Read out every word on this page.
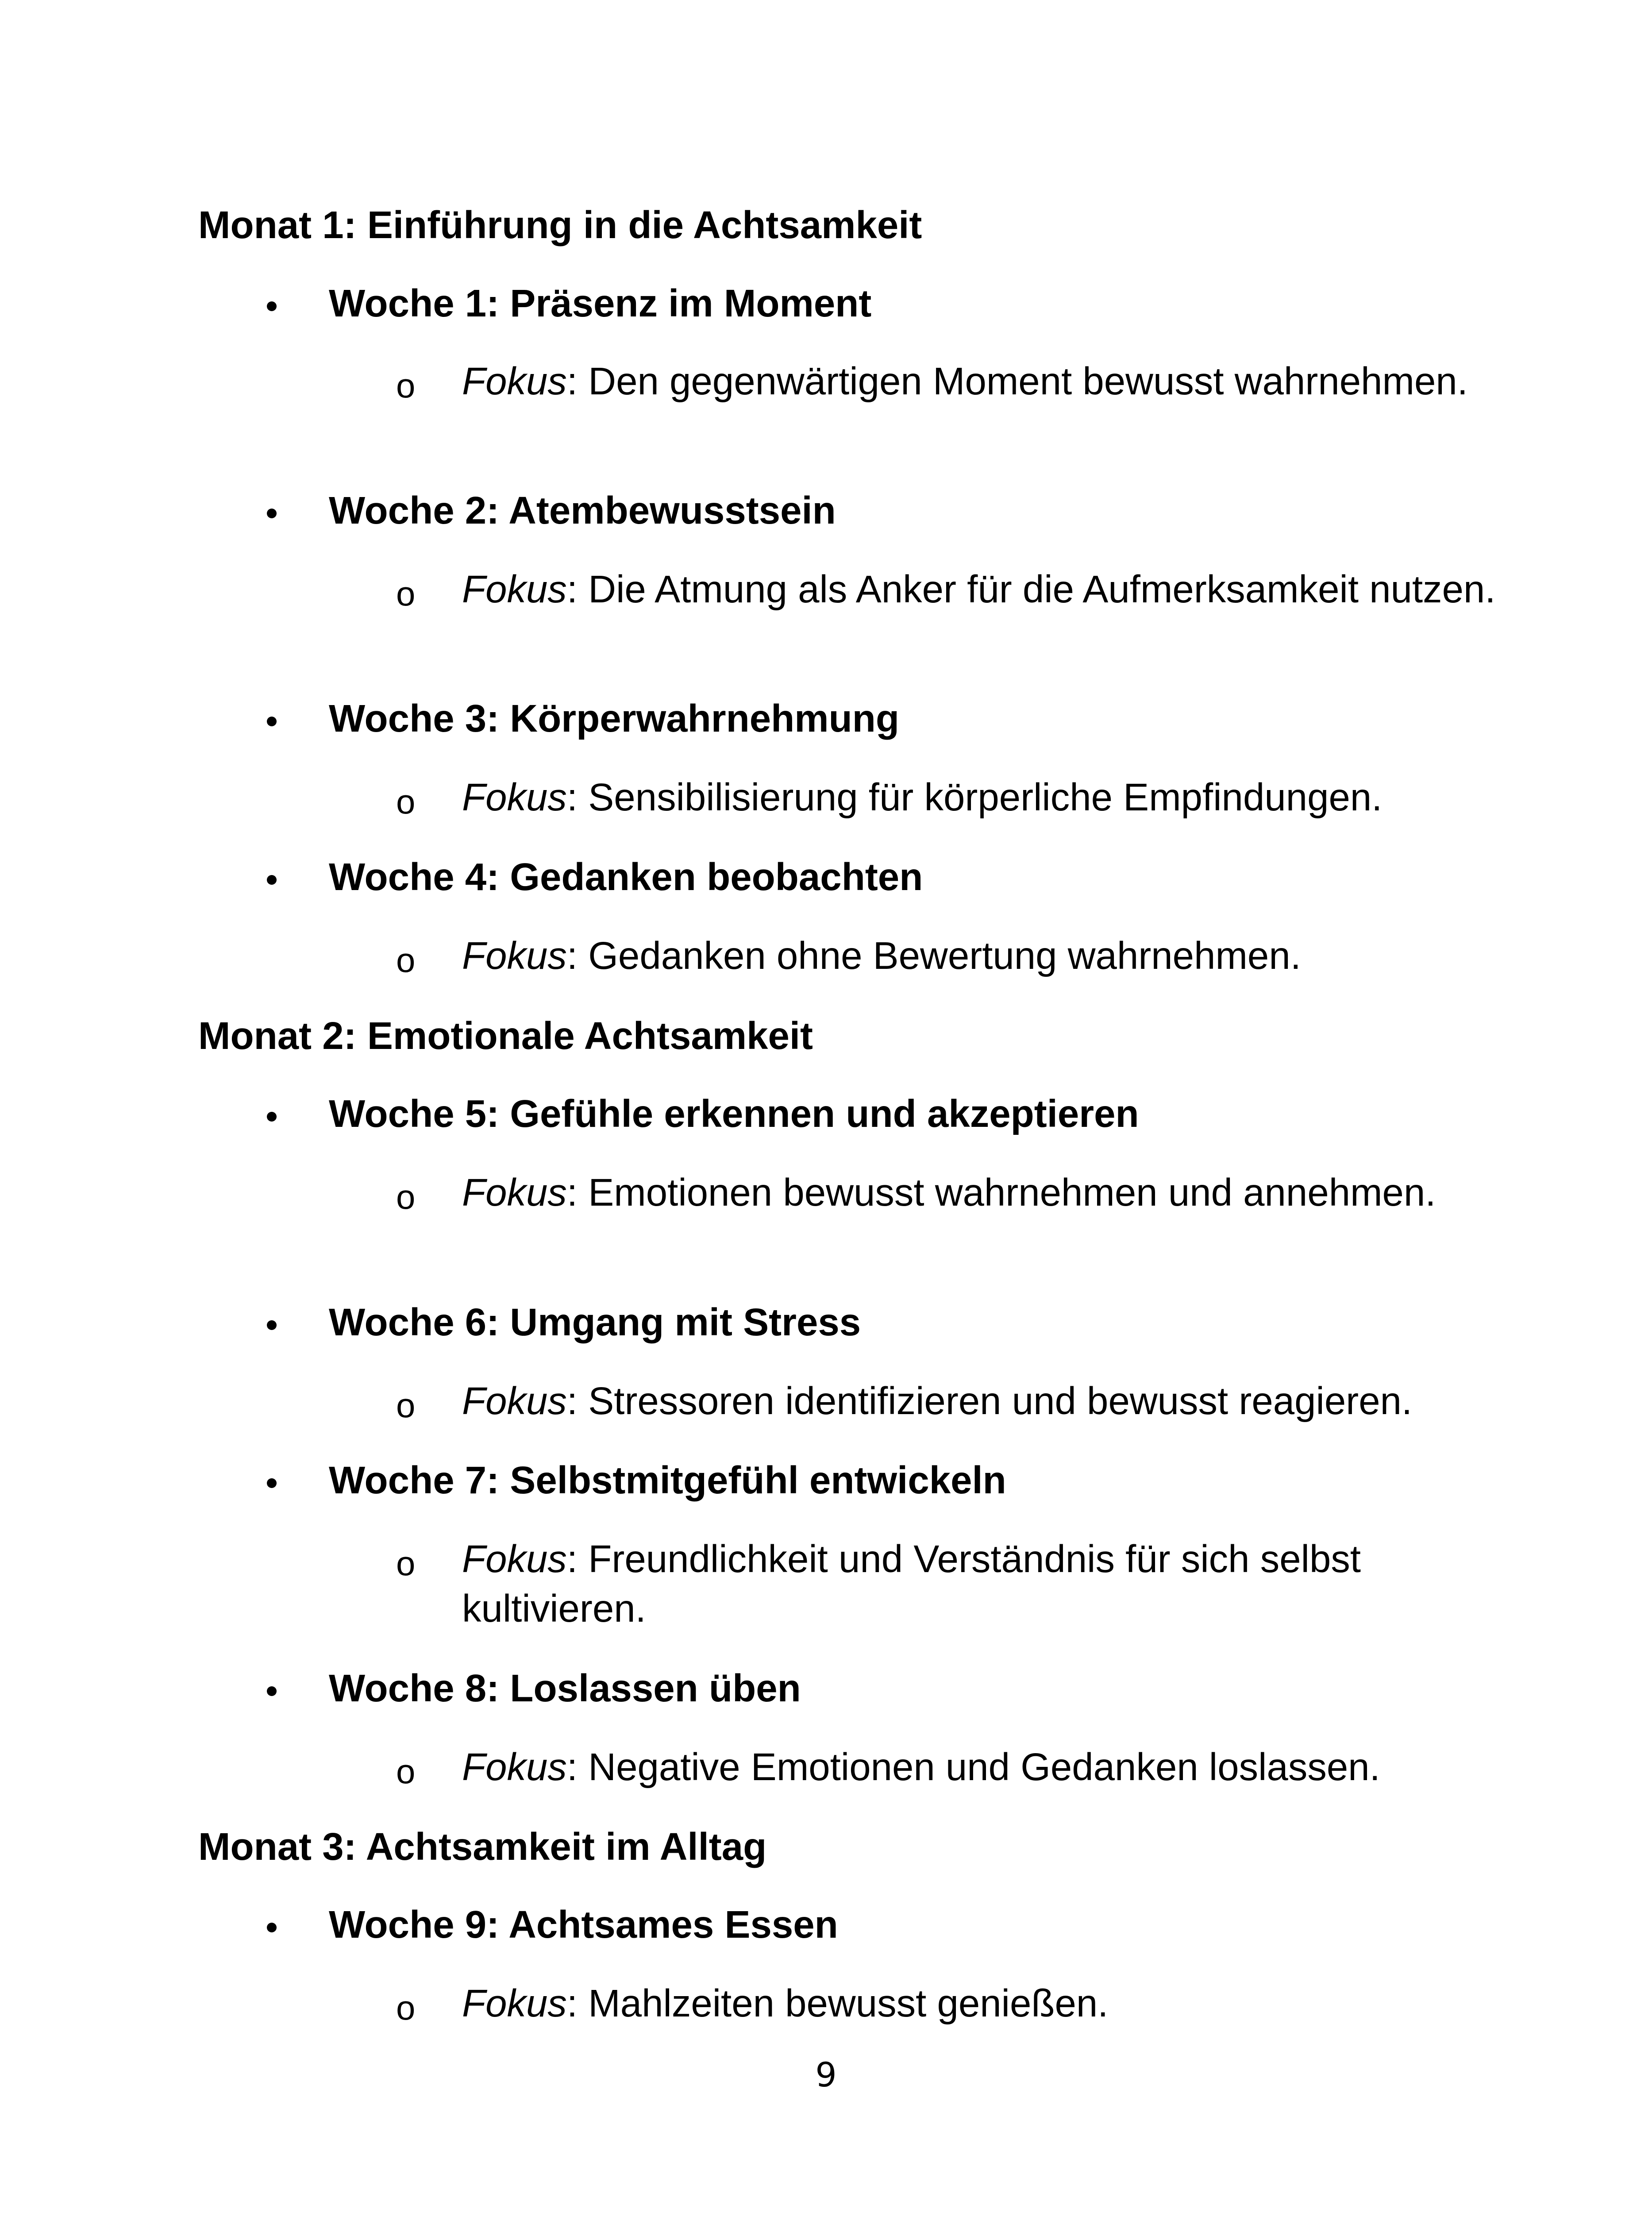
Monat 1: Einführung in die Achtsamkeit
Woche 1: Präsenz im Moment
o Fokus: Den gegenwärtigen Moment bewusst wahrnehmen.
Woche 2: Atembewusstsein
o Fokus: Die Atmung als Anker für die Aufmerksamkeit nutzen.
Woche 3: Körperwahrnehmung
o Fokus: Sensibilisierung für körperliche Empfindungen.
Woche 4: Gedanken beobachten
o Fokus: Gedanken ohne Bewertung wahrnehmen.
Monat 2: Emotionale Achtsamkeit
Woche 5: Gefühle erkennen und akzeptieren
o Fokus: Emotionen bewusst wahrnehmen und annehmen.
Woche 6: Umgang mit Stress
o Fokus: Stressoren identifizieren und bewusst reagieren.
Woche 7: Selbstmitgefühl entwickeln
o Fokus: Freundlichkeit und Verständnis für sich selbst kultivieren.
Woche 8: Loslassen üben
o Fokus: Negative Emotionen und Gedanken loslassen.
Monat 3: Achtsamkeit im Alltag
Woche 9: Achtsames Essen
o Fokus: Mahlzeiten bewusst genießen.
9
